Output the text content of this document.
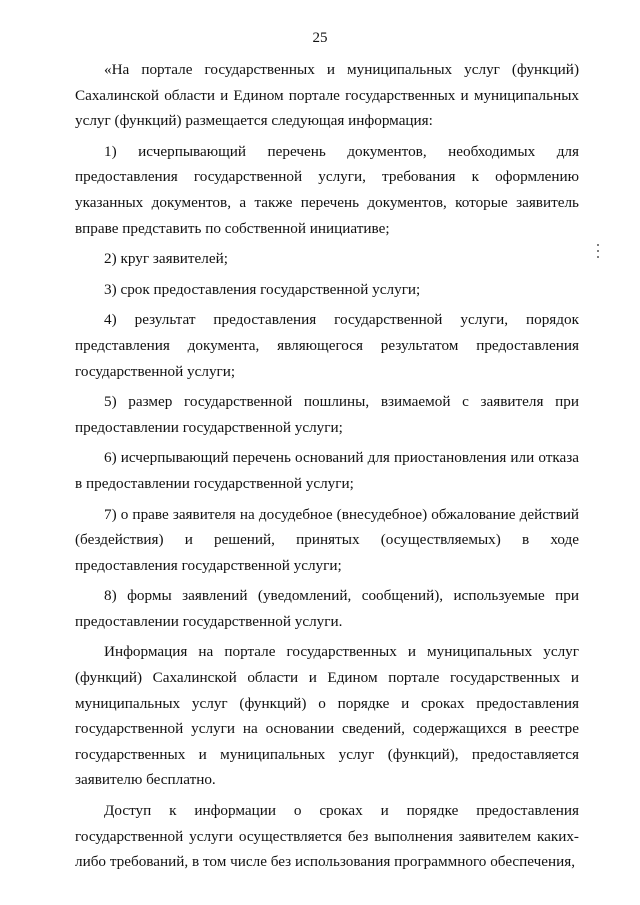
25

«На портале государственных и муниципальных услуг (функций) Сахалинской области и Едином портале государственных и муниципальных услуг (функций) размещается следующая информация:

1) исчерпывающий перечень документов, необходимых для предоставления государственной услуги, требования к оформлению указанных документов, а также перечень документов, которые заявитель вправе представить по собственной инициативе;

2) круг заявителей;

3) срок предоставления государственной услуги;

4) результат предоставления государственной услуги, порядок представления документа, являющегося результатом предоставления государственной услуги;

5) размер государственной пошлины, взимаемой с заявителя при предоставлении государственной услуги;

6) исчерпывающий перечень оснований для приостановления или отказа в предоставлении государственной услуги;

7) о праве заявителя на досудебное (внесудебное) обжалование действий (бездействия) и решений, принятых (осуществляемых) в ходе предоставления государственной услуги;

8) формы заявлений (уведомлений, сообщений), используемые при предоставлении государственной услуги.

Информация на портале государственных и муниципальных услуг (функций) Сахалинской области и Едином портале государственных и муниципальных услуг (функций) о порядке и сроках предоставления государственной услуги на основании сведений, содержащихся в реестре государственных и муниципальных услуг (функций), предоставляется заявителю бесплатно.

Доступ к информации о сроках и порядке предоставления государственной услуги осуществляется без выполнения заявителем каких-либо требований, в том числе без использования программного обеспечения,
